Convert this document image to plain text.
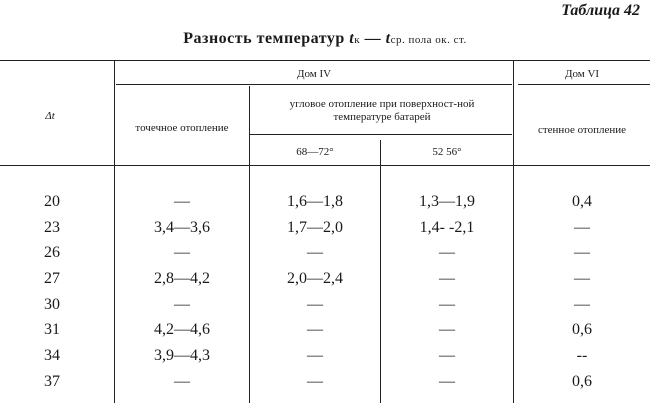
Таблица 42
Разность температур tк — tср. пола ок. ст.
Δt
Дом IV	Дом VI
точечное отопление
угловое отопление при поверхност-ной температуре батарей
стенное отопление
68—72°	52 56°
20	—	1,6—1,8	1,3—1,9	0,4
23	3,4—3,6	1,7—2,0	1,4- -2,1	—
26	—	—	—	—
27	2,8—4,2	2,0—2,4	—	—
30	—	—	—	—
31	4,2—4,6	—	—	0,6
34	3,9—4,3	—	—	--
37	—	—	—	0,6
